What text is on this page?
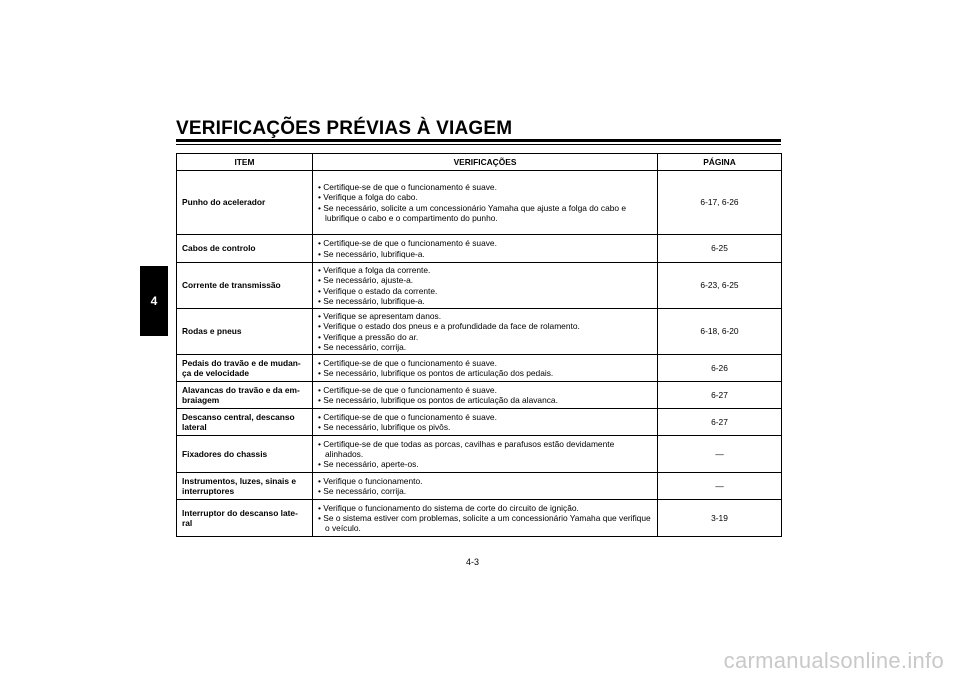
VERIFICAÇÕES PRÉVIAS À VIAGEM
4
ITEM	VERIFICAÇÕES	PÁGINA
Punho do acelerador	• Certifique-se de que o funcionamento é suave.
• Verifique a folga do cabo.
• Se necessário, solicite a um concessionário Yamaha que ajuste a folga do cabo e lubrifique o cabo e o compartimento do punho.	6-17, 6-26
Cabos de controlo	• Certifique-se de que o funcionamento é suave.
• Se necessário, lubrifique-a.	6-25
Corrente de transmissão	• Verifique a folga da corrente.
• Se necessário, ajuste-a.
• Verifique o estado da corrente.
• Se necessário, lubrifique-a.	6-23, 6-25
Rodas e pneus	• Verifique se apresentam danos.
• Verifique o estado dos pneus e a profundidade da face de rolamento.
• Verifique a pressão do ar.
• Se necessário, corrija.	6-18, 6-20
Pedais do travão e de mudan-ça de velocidade	• Certifique-se de que o funcionamento é suave.
• Se necessário, lubrifique os pontos de articulação dos pedais.	6-26
Alavancas do travão e da em-braiagem	• Certifique-se de que o funcionamento é suave.
• Se necessário, lubrifique os pontos de articulação da alavanca.	6-27
Descanso central, descanso lateral	• Certifique-se de que o funcionamento é suave.
• Se necessário, lubrifique os pivôs.	6-27
Fixadores do chassis	• Certifique-se de que todas as porcas, cavilhas e parafusos estão devidamente alinhados.
• Se necessário, aperte-os.	—
Instrumentos, luzes, sinais e interruptores	• Verifique o funcionamento.
• Se necessário, corrija.	—
Interruptor do descanso late-ral	• Verifique o funcionamento do sistema de corte do circuito de ignição.
• Se o sistema estiver com problemas, solicite a um concessionário Yamaha que verifique o veículo.	3-19
4-3
carmanualsonline.info
